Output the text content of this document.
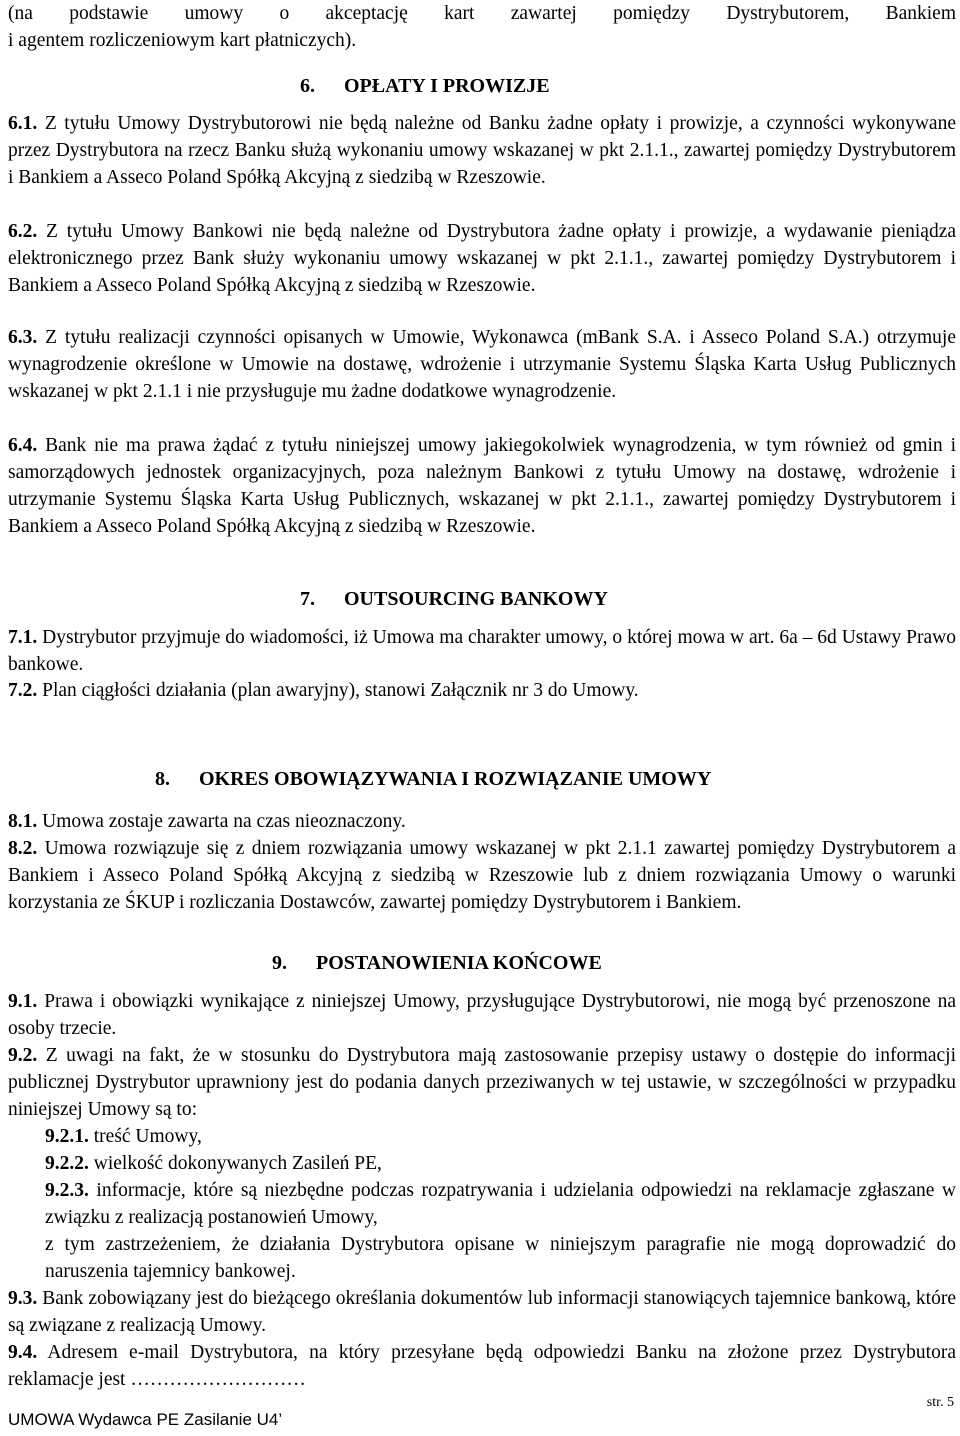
(na podstawie umowy o akceptację kart zawartej pomiędzy Dystrybutorem, Bankiem
i agentem rozliczeniowym kart płatniczych).
6. OPŁATY I PROWIZJE
6.1. Z tytułu Umowy Dystrybutorowi nie będą należne od Banku żadne opłaty i prowizje, a czynności wykonywane przez Dystrybutora na rzecz Banku służą wykonaniu umowy wskazanej w pkt 2.1.1., zawartej pomiędzy Dystrybutorem i Bankiem a Asseco Poland Spółką Akcyjną z siedzibą w Rzeszowie.
6.2. Z tytułu Umowy Bankowi nie będą należne od Dystrybutora żadne opłaty i prowizje, a wydawanie pieniądza elektronicznego przez Bank służy wykonaniu umowy wskazanej w pkt 2.1.1., zawartej pomiędzy Dystrybutorem i Bankiem a Asseco Poland Spółką Akcyjną z siedzibą w Rzeszowie.
6.3. Z tytułu realizacji czynności opisanych w Umowie, Wykonawca (mBank S.A. i Asseco Poland S.A.) otrzymuje wynagrodzenie określone w Umowie na dostawę, wdrożenie i utrzymanie Systemu Śląska Karta Usług Publicznych wskazanej w pkt 2.1.1 i nie przysługuje mu żadne dodatkowe wynagrodzenie.
6.4. Bank nie ma prawa żądać z tytułu niniejszej umowy jakiegokolwiek wynagrodzenia, w tym również od gmin i samorządowych jednostek organizacyjnych, poza należnym Bankowi z tytułu Umowy na dostawę, wdrożenie i utrzymanie Systemu Śląska Karta Usług Publicznych, wskazanej w pkt 2.1.1., zawartej pomiędzy Dystrybutorem i Bankiem a Asseco Poland Spółką Akcyjną z siedzibą w Rzeszowie.
7. OUTSOURCING BANKOWY
7.1. Dystrybutor przyjmuje do wiadomości, iż Umowa ma charakter umowy, o której mowa w art. 6a – 6d Ustawy Prawo bankowe.
7.2. Plan ciągłości działania (plan awaryjny), stanowi Załącznik nr 3 do Umowy.
8. OKRES OBOWIĄZYWANIA I ROZWIĄZANIE UMOWY
8.1. Umowa zostaje zawarta na czas nieoznaczony.
8.2. Umowa rozwiązuje się z dniem rozwiązania umowy wskazanej w pkt 2.1.1 zawartej pomiędzy Dystrybutorem a Bankiem i Asseco Poland Spółką Akcyjną z siedzibą w Rzeszowie lub z dniem rozwiązania Umowy o warunki korzystania ze ŚKUP i rozliczania Dostawców, zawartej pomiędzy Dystrybutorem i Bankiem.
9. POSTANOWIENIA KOŃCOWE
9.1. Prawa i obowiązki wynikające z niniejszej Umowy, przysługujące Dystrybutorowi, nie mogą być przenoszone na osoby trzecie.
9.2. Z uwagi na fakt, że w stosunku do Dystrybutora mają zastosowanie przepisy ustawy o dostępie do informacji publicznej Dystrybutor uprawniony jest do podania danych przeziwanych w tej ustawie, w szczególności w przypadku niniejszej Umowy są to:
9.2.1. treść Umowy,
9.2.2. wielkość dokonywanych Zasileń PE,
9.2.3. informacje, które są niezbędne podczas rozpatrywania i udzielania odpowiedzi na reklamacje zgłaszane w związku z realizacją postanowień Umowy,
z tym zastrzeżeniem, że działania Dystrybutora opisane w niniejszym paragrafie nie mogą doprowadzić do naruszenia tajemnicy bankowej.
9.3. Bank zobowiązany jest do bieżącego określania dokumentów lub informacji stanowiących tajemnice bankową, które są związane z realizacją Umowy.
9.4. Adresem e-mail Dystrybutora, na który przesyłane będą odpowiedzi Banku na złożone przez Dystrybutora reklamacje jest ………………………
str. 5
UMOWA Wydawca PE Zasilanie U4’
